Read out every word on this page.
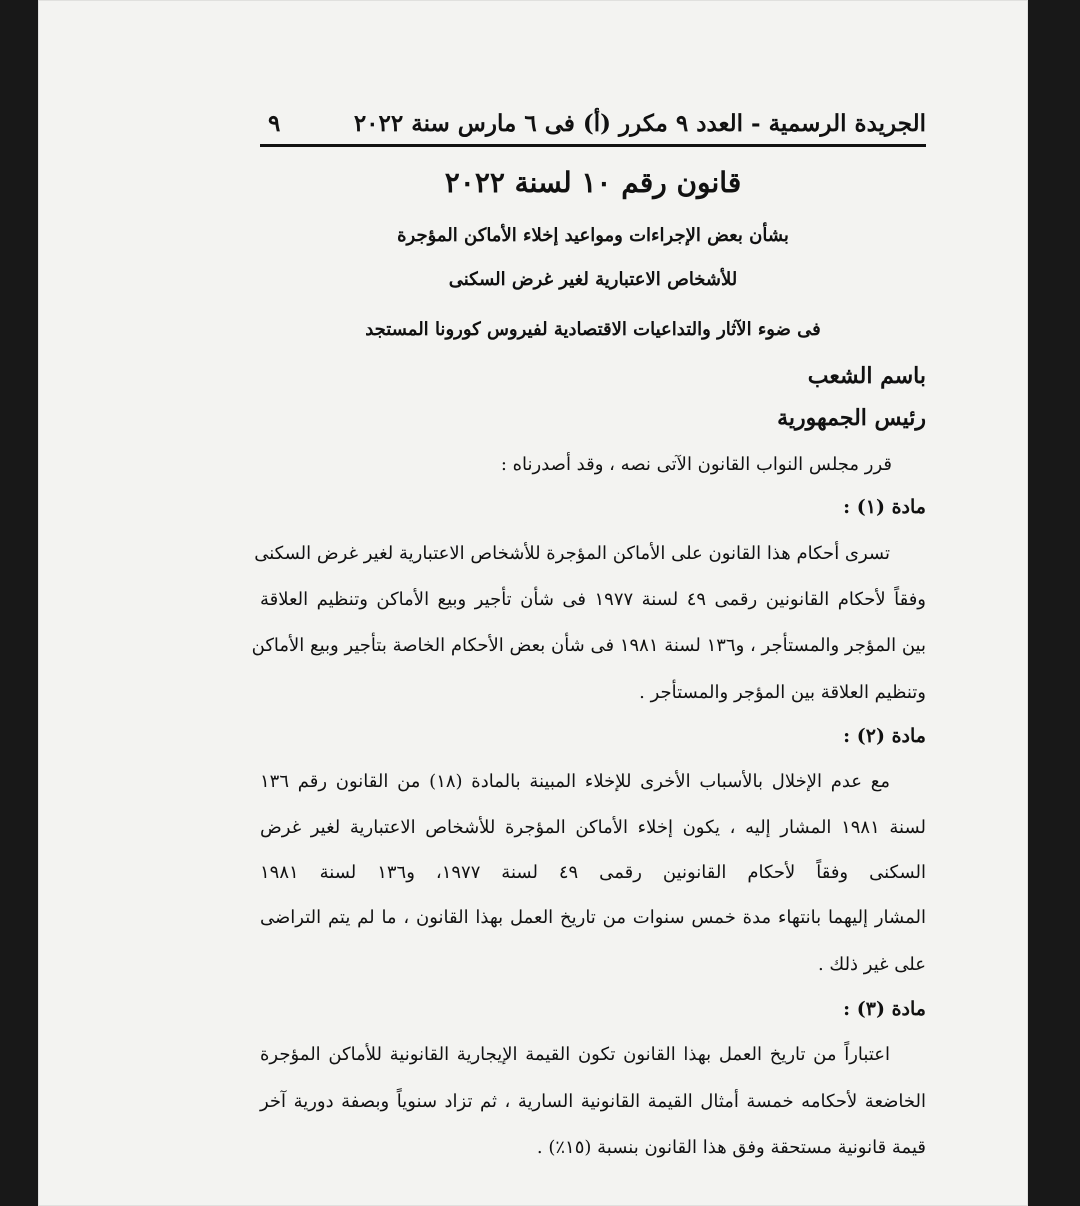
الجريدة الرسمية - العدد ٩ مكرر (أ) فى ٦ مارس سنة ٢٠٢٢
٩
قانون رقم ١٠ لسنة ٢٠٢٢
بشأن بعض الإجراءات ومواعيد إخلاء الأماكن المؤجرة
للأشخاص الاعتبارية لغير غرض السكنى
فى ضوء الآثار والتداعيات الاقتصادية لفيروس كورونا المستجد
باسم الشعب
رئيس الجمهورية
قرر مجلس النواب القانون الآتى نصه ، وقد أصدرناه :
مادة (١) :
تسرى أحكام هذا القانون على الأماكن المؤجرة للأشخاص الاعتبارية لغير غرض السكنى
وفقاً لأحكام القانونين رقمى ٤٩ لسنة ١٩٧٧ فى شأن تأجير وبيع الأماكن وتنظيم العلاقة
بين المؤجر والمستأجر ، و١٣٦ لسنة ١٩٨١ فى شأن بعض الأحكام الخاصة بتأجير وبيع الأماكن
وتنظيم العلاقة بين المؤجر والمستأجر .
مادة (٢) :
مع عدم الإخلال بالأسباب الأخرى للإخلاء المبينة بالمادة (١٨) من القانون رقم ١٣٦
لسنة ١٩٨١ المشار إليه ، يكون إخلاء الأماكن المؤجرة للأشخاص الاعتبارية لغير غرض
السكنى وفقاً لأحكام القانونين رقمى ٤٩ لسنة ١٩٧٧، و١٣٦ لسنة ١٩٨١
المشار إليهما بانتهاء مدة خمس سنوات من تاريخ العمل بهذا القانون ، ما لم يتم التراضى
على غير ذلك .
مادة (٣) :
اعتباراً من تاريخ العمل بهذا القانون تكون القيمة الإيجارية القانونية للأماكن المؤجرة
الخاضعة لأحكامه خمسة أمثال القيمة القانونية السارية ، ثم تزاد سنوياً وبصفة دورية آخر
قيمة قانونية مستحقة وفق هذا القانون بنسبة (١٥٪) .
